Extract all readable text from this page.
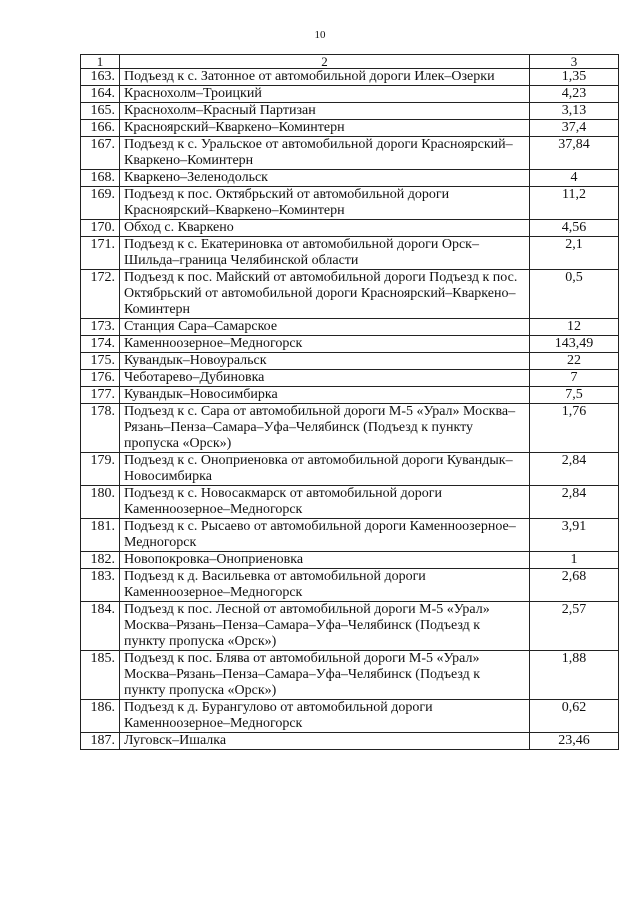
10
1	2	3
163.	Подъезд к с. Затонное от автомобильной дороги Илек–Озерки	1,35
164.	Краснохолм–Троицкий	4,23
165.	Краснохолм–Красный Партизан	3,13
166.	Красноярский–Кваркено–Коминтерн	37,4
167.	Подъезд к с. Уральское от автомобильной дороги Красноярский–Кваркено–Коминтерн	37,84
168.	Кваркено–Зеленодольск	4
169.	Подъезд к пос. Октябрьский от автомобильной дороги Красноярский–Кваркено–Коминтерн	11,2
170.	Обход с. Кваркено	4,56
171.	Подъезд к с. Екатериновка от автомобильной дороги Орск–Шильда–граница Челябинской области	2,1
172.	Подъезд к пос. Майский от автомобильной дороги Подъезд к пос. Октябрьский от автомобильной дороги Красноярский–Кваркено–Коминтерн	0,5
173.	Станция Сара–Самарское	12
174.	Каменноозерное–Медногорск	143,49
175.	Кувандык–Новоуральск	22
176.	Чеботарево–Дубиновка	7
177.	Кувандык–Новосимбирка	7,5
178.	Подъезд к с. Сара от автомобильной дороги М-5 «Урал» Москва–Рязань–Пенза–Самара–Уфа–Челябинск (Подъезд к пункту пропуска «Орск»)	1,76
179.	Подъезд к с. Оноприеновка от автомобильной дороги Кувандык–Новосимбирка	2,84
180.	Подъезд к с. Новосакмарск от автомобильной дороги Каменноозерное–Медногорск	2,84
181.	Подъезд к с. Рысаево от автомобильной дороги Каменноозерное–Медногорск	3,91
182.	Новопокровка–Оноприеновка	1
183.	Подъезд к д. Васильевка от автомобильной дороги Каменноозерное–Медногорск	2,68
184.	Подъезд к пос. Лесной от автомобильной дороги М-5 «Урал» Москва–Рязань–Пенза–Самара–Уфа–Челябинск (Подъезд к пункту пропуска «Орск»)	2,57
185.	Подъезд к пос. Блява от автомобильной дороги М-5 «Урал» Москва–Рязань–Пенза–Самара–Уфа–Челябинск (Подъезд к пункту пропуска «Орск»)	1,88
186.	Подъезд к д. Бурангулово от автомобильной дороги Каменноозерное–Медногорск	0,62
187.	Луговск–Ишалка	23,46
